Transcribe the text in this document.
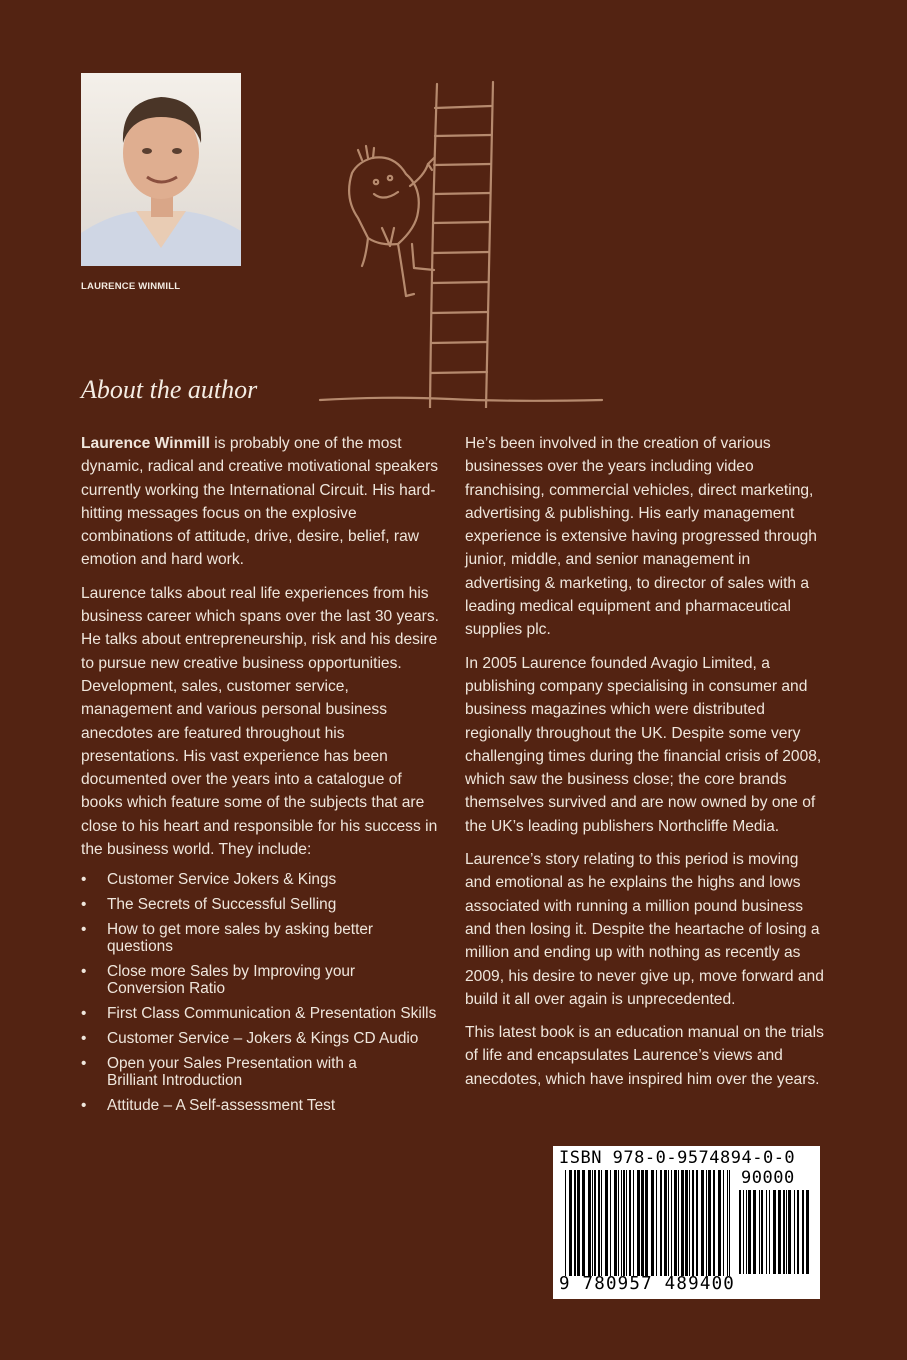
LAURENCE WINMILL
About the author

Laurence Winmill is probably one of the most dynamic, radical and creative motivational speakers currently working the International Circuit. His hard-hitting messages focus on the explosive combinations of attitude, drive, desire, belief, raw emotion and hard work.

Laurence talks about real life experiences from his business career which spans over the last 30 years. He talks about entrepreneurship, risk and his desire to pursue new creative business opportunities. Development, sales, customer service, management and various personal business anecdotes are featured throughout his presentations. His vast experience has been documented over the years into a catalogue of books which feature some of the subjects that are close to his heart and responsible for his success in the business world. They include:

• Customer Service Jokers & Kings
• The Secrets of Successful Selling
• How to get more sales by asking better questions
• Close more Sales by Improving your Conversion Ratio
• First Class Communication & Presentation Skills
• Customer Service – Jokers & Kings CD Audio
• Open your Sales Presentation with a Brilliant Introduction
• Attitude – A Self-assessment Test

He’s been involved in the creation of various businesses over the years including video franchising, commercial vehicles, direct marketing, advertising & publishing. His early management experience is extensive having progressed through junior, middle, and senior management in advertising & marketing, to director of sales with a leading medical equipment and pharmaceutical supplies plc.

In 2005 Laurence founded Avagio Limited, a publishing company specialising in consumer and business magazines which were distributed regionally throughout the UK. Despite some very challenging times during the financial crisis of 2008, which saw the business close; the core brands themselves survived and are now owned by one of the UK’s leading publishers Northcliffe Media.

Laurence’s story relating to this period is moving and emotional as he explains the highs and lows associated with running a million pound business and then losing it. Despite the heartache of losing a million and ending up with nothing as recently as 2009, his desire to never give up, move forward and build it all over again is unprecedented.

This latest book is an education manual on the trials of life and encapsulates Laurence’s views and anecdotes, which have inspired him over the years.

ISBN 978-0-9574894-0-0
90000
9 780957 489400
